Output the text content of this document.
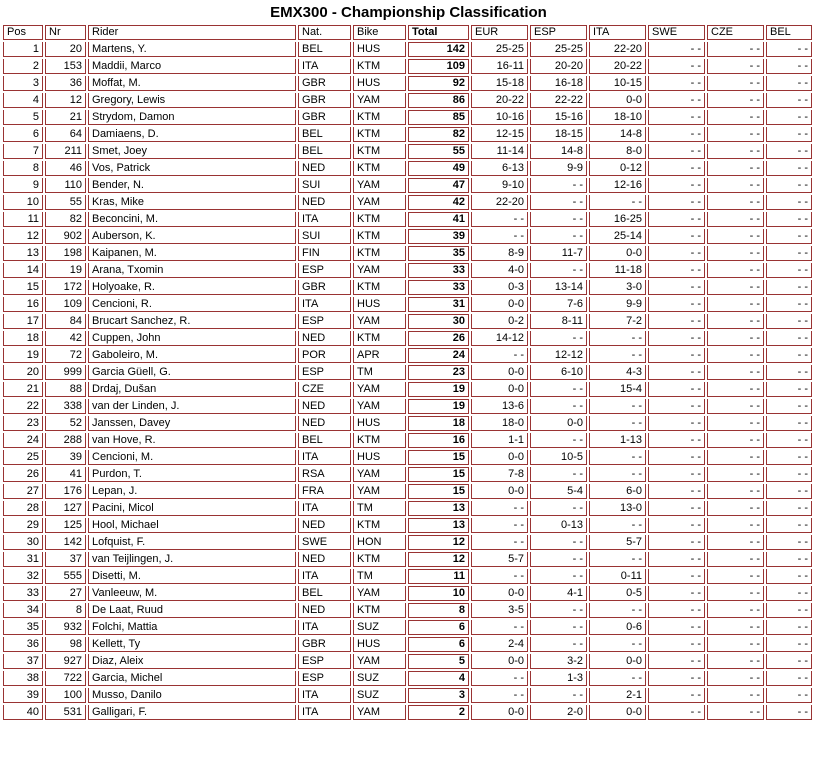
EMX300 - Championship Classification
Pos	Nr	Rider	Nat.	Bike	Total	EUR	ESP	ITA	SWE	CZE	BEL
1	20	Martens, Y.	BEL	HUS	142	25-25	25-25	22-20	- -	- -	- -
2	153	Maddii, Marco	ITA	KTM	109	16-11	20-20	20-22	- -	- -	- -
3	36	Moffat, M.	GBR	HUS	92	15-18	16-18	10-15	- -	- -	- -
4	12	Gregory, Lewis	GBR	YAM	86	20-22	22-22	0-0	- -	- -	- -
5	21	Strydom, Damon	GBR	KTM	85	10-16	15-16	18-10	- -	- -	- -
6	64	Damiaens, D.	BEL	KTM	82	12-15	18-15	14-8	- -	- -	- -
7	211	Smet, Joey	BEL	KTM	55	11-14	14-8	8-0	- -	- -	- -
8	46	Vos, Patrick	NED	KTM	49	6-13	9-9	0-12	- -	- -	- -
9	110	Bender, N.	SUI	YAM	47	9-10	- -	12-16	- -	- -	- -
10	55	Kras, Mike	NED	YAM	42	22-20	- -	- -	- -	- -	- -
11	82	Beconcini, M.	ITA	KTM	41	- -	- -	16-25	- -	- -	- -
12	902	Auberson, K.	SUI	KTM	39	- -	- -	25-14	- -	- -	- -
13	198	Kaipanen, M.	FIN	KTM	35	8-9	11-7	0-0	- -	- -	- -
14	19	Arana, Txomin	ESP	YAM	33	4-0	- -	11-18	- -	- -	- -
15	172	Holyoake, R.	GBR	KTM	33	0-3	13-14	3-0	- -	- -	- -
16	109	Cencioni, R.	ITA	HUS	31	0-0	7-6	9-9	- -	- -	- -
17	84	Brucart Sanchez, R.	ESP	YAM	30	0-2	8-11	7-2	- -	- -	- -
18	42	Cuppen, John	NED	KTM	26	14-12	- -	- -	- -	- -	- -
19	72	Gaboleiro, M.	POR	APR	24	- -	12-12	- -	- -	- -	- -
20	999	Garcia Güell, G.	ESP	TM	23	0-0	6-10	4-3	- -	- -	- -
21	88	Drdaj, Dušan	CZE	YAM	19	0-0	- -	15-4	- -	- -	- -
22	338	van der Linden, J.	NED	YAM	19	13-6	- -	- -	- -	- -	- -
23	52	Janssen, Davey	NED	HUS	18	18-0	0-0	- -	- -	- -	- -
24	288	van Hove, R.	BEL	KTM	16	1-1	- -	1-13	- -	- -	- -
25	39	Cencioni, M.	ITA	HUS	15	0-0	10-5	- -	- -	- -	- -
26	41	Purdon, T.	RSA	YAM	15	7-8	- -	- -	- -	- -	- -
27	176	Lepan, J.	FRA	YAM	15	0-0	5-4	6-0	- -	- -	- -
28	127	Pacini, Micol	ITA	TM	13	- -	- -	13-0	- -	- -	- -
29	125	Hool, Michael	NED	KTM	13	- -	0-13	- -	- -	- -	- -
30	142	Lofquist, F.	SWE	HON	12	- -	- -	5-7	- -	- -	- -
31	37	van Teijlingen, J.	NED	KTM	12	5-7	- -	- -	- -	- -	- -
32	555	Disetti, M.	ITA	TM	11	- -	- -	0-11	- -	- -	- -
33	27	Vanleeuw, M.	BEL	YAM	10	0-0	4-1	0-5	- -	- -	- -
34	8	De Laat, Ruud	NED	KTM	8	3-5	- -	- -	- -	- -	- -
35	932	Folchi, Mattia	ITA	SUZ	6	- -	- -	0-6	- -	- -	- -
36	98	Kellett, Ty	GBR	HUS	6	2-4	- -	- -	- -	- -	- -
37	927	Diaz, Aleix	ESP	YAM	5	0-0	3-2	0-0	- -	- -	- -
38	722	Garcia, Michel	ESP	SUZ	4	- -	1-3	- -	- -	- -	- -
39	100	Musso, Danilo	ITA	SUZ	3	- -	- -	2-1	- -	- -	- -
40	531	Galligari, F.	ITA	YAM	2	0-0	2-0	0-0	- -	- -	- -
